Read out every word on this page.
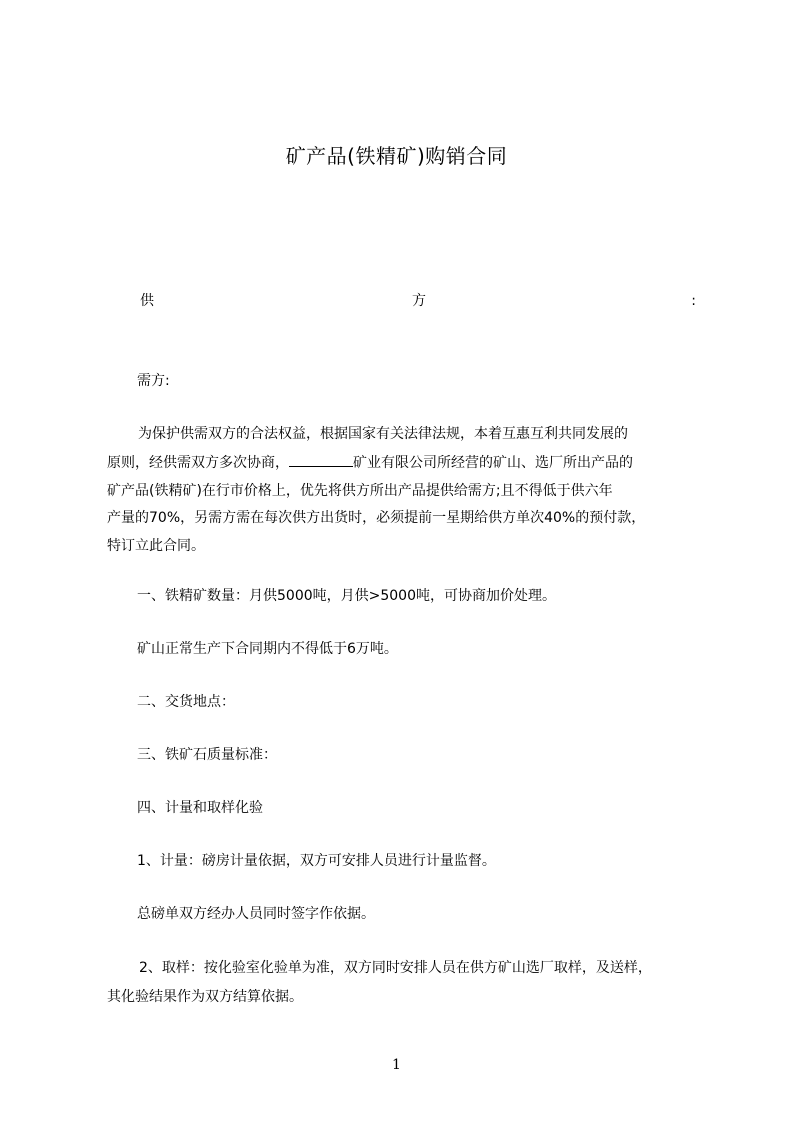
矿产品(铁精矿)购销合同
供	方	:
需方:
为保护供需双方的合法权益，根据国家有关法律法规，本着互惠互利共同发展的
原则，经供需双方多次协商，	矿业有限公司所经营的矿山、选厂所出产品的
矿产品(铁精矿)在行市价格上，优先将供方所出产品提供给需方;且不得低于供六年
产量的70%，另需方需在每次供方出货时，必须提前一星期给供方单次40%的预付款，
特订立此合同。
一、铁精矿数量：月供5000吨，月供>5000吨，可协商加价处理。
矿山正常生产下合同期内不得低于6万吨。
二、交货地点：
三、铁矿石质量标准：
四、计量和取样化验
1、计量：磅房计量依据，双方可安排人员进行计量监督。
总磅单双方经办人员同时签字作依据。
2、取样：按化验室化验单为准，双方同时安排人员在供方矿山选厂取样，及送样，
其化验结果作为双方结算依据。
1
